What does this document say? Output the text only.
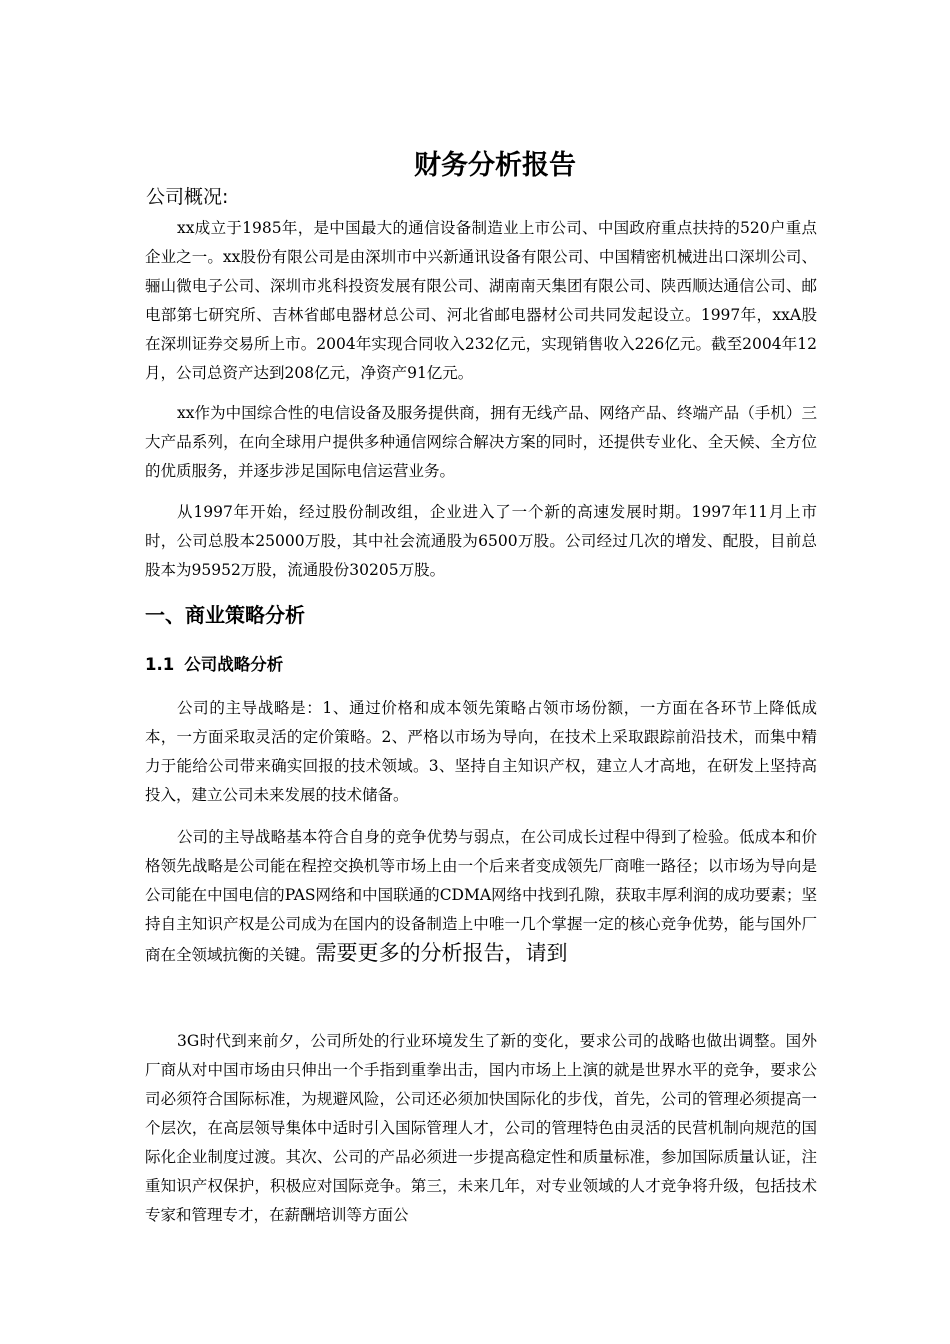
财务分析报告
公司概况:

xx成立于1985年，是中国最大的通信设备制造业上市公司、中国政府重点扶持的520户重点企业之一。xx股份有限公司是由深圳市中兴新通讯设备有限公司、中国精密机械进出口深圳公司、骊山微电子公司、深圳市兆科投资发展有限公司、湖南南天集团有限公司、陕西顺达通信公司、邮电部第七研究所、吉林省邮电器材总公司、河北省邮电器材公司共同发起设立。1997年，xxA股在深圳证券交易所上市。2004年实现合同收入232亿元，实现销售收入226亿元。截至2004年12月，公司总资产达到208亿元，净资产91亿元。

xx作为中国综合性的电信设备及服务提供商，拥有无线产品、网络产品、终端产品（手机）三大产品系列，在向全球用户提供多种通信网综合解决方案的同时，还提供专业化、全天候、全方位的优质服务，并逐步涉足国际电信运营业务。

从1997年开始，经过股份制改组，企业进入了一个新的高速发展时期。1997年11月上市时，公司总股本25000万股，其中社会流通股为6500万股。公司经过几次的增发、配股，目前总股本为95952万股，流通股份30205万股。

一、商业策略分析
1.1 公司战略分析

公司的主导战略是：1、通过价格和成本领先策略占领市场份额，一方面在各环节上降低成本，一方面采取灵活的定价策略。2、严格以市场为导向，在技术上采取跟踪前沿技术，而集中精力于能给公司带来确实回报的技术领域。3、坚持自主知识产权，建立人才高地，在研发上坚持高投入，建立公司未来发展的技术储备。

公司的主导战略基本符合自身的竞争优势与弱点，在公司成长过程中得到了检验。低成本和价格领先战略是公司能在程控交换机等市场上由一个后来者变成领先厂商唯一路径；以市场为导向是公司能在中国电信的PAS网络和中国联通的CDMA网络中找到孔隙，获取丰厚利润的成功要素；坚持自主知识产权是公司成为在国内的设备制造上中唯一几个掌握一定的核心竞争优势，能与国外厂商在全领域抗衡的关键。需要更多的分析报告，请到

3G时代到来前夕，公司所处的行业环境发生了新的变化，要求公司的战略也做出调整。国外厂商从对中国市场由只伸出一个手指到重拳出击，国内市场上上演的就是世界水平的竞争，要求公司必须符合国际标准，为规避风险，公司还必须加快国际化的步伐，首先，公司的管理必须提高一个层次，在高层领导集体中适时引入国际管理人才，公司的管理特色由灵活的民营机制向规范的国际化企业制度过渡。其次、公司的产品必须进一步提高稳定性和质量标准，参加国际质量认证，注重知识产权保护，积极应对国际竞争。第三，未来几年，对专业领域的人才竞争将升级，包括技术专家和管理专才，在薪酬培训等方面公
